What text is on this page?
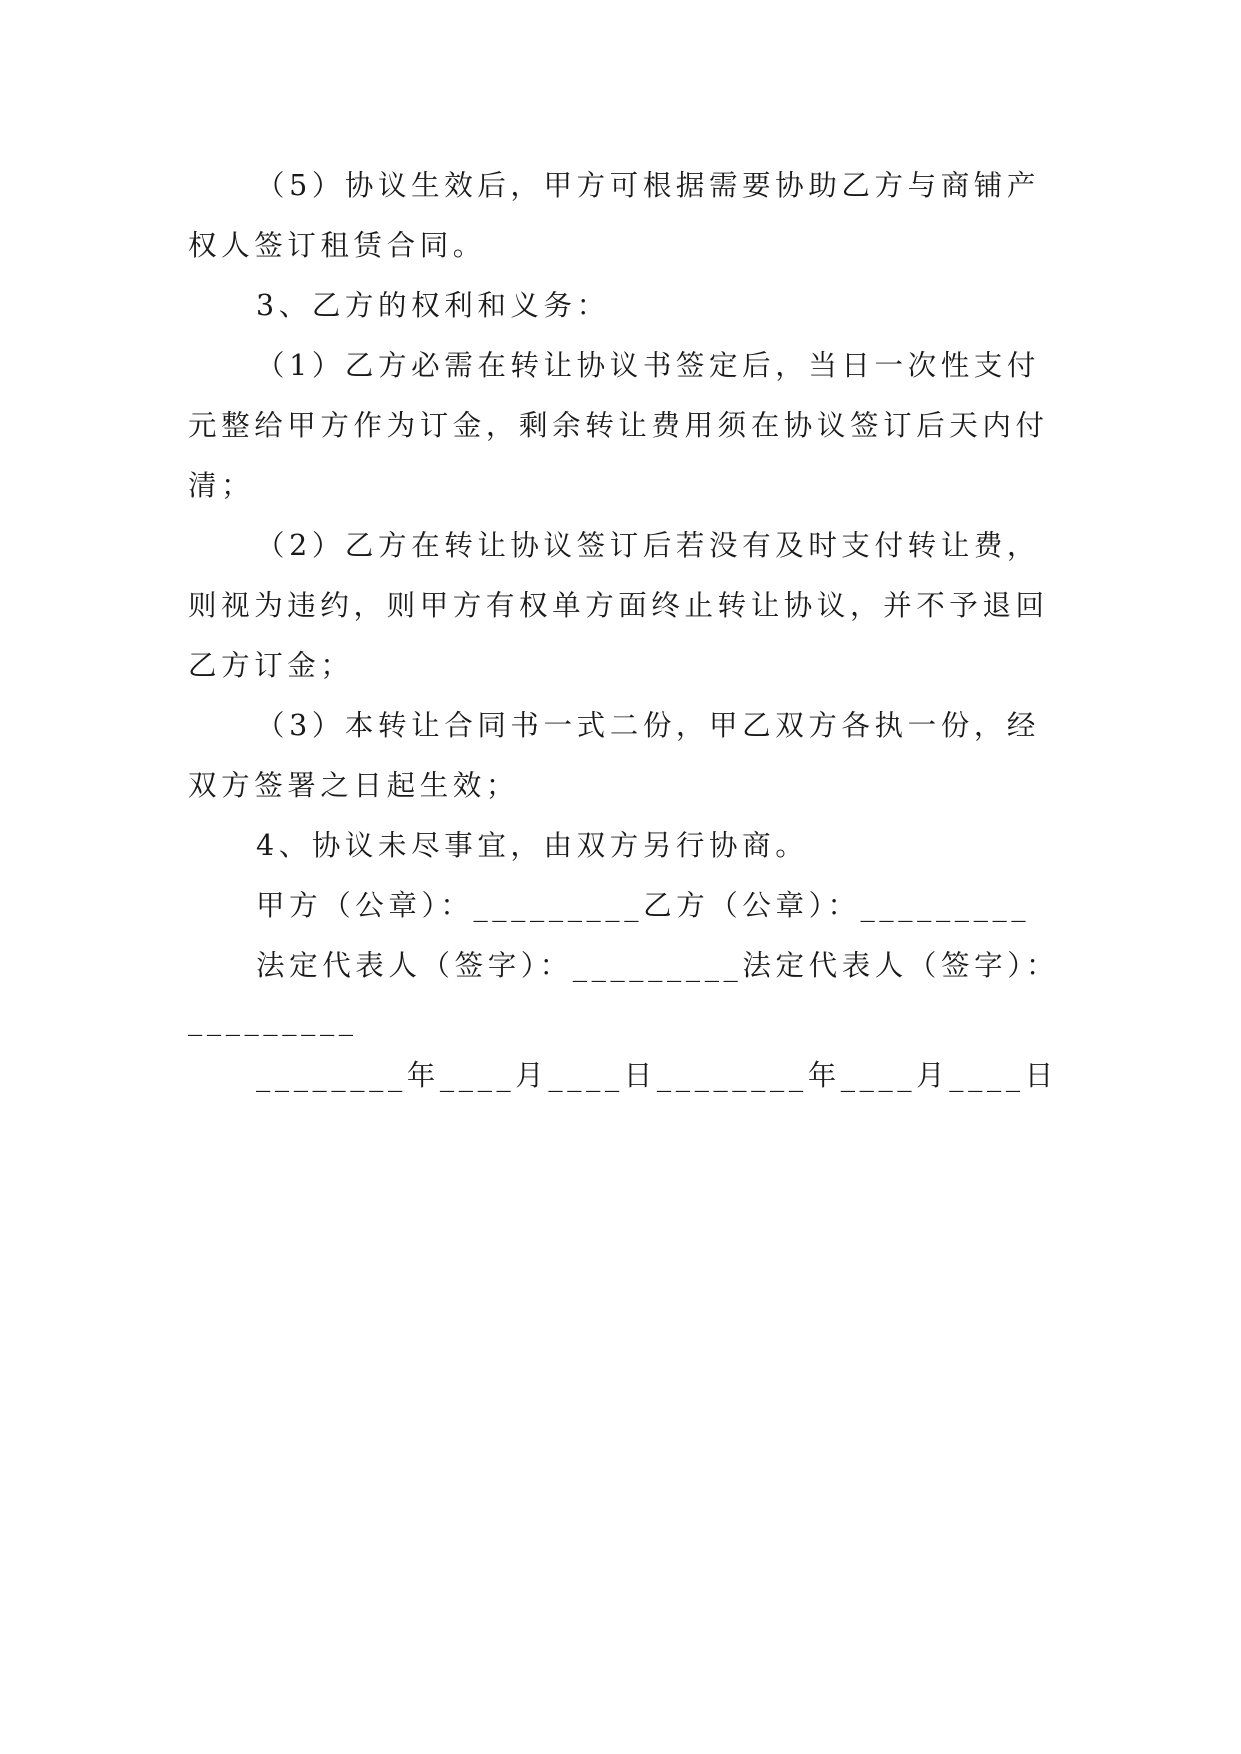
（5）协议生效后，甲方可根据需要协助乙方与商铺产
权人签订租赁合同。

3、乙方的权利和义务：

（1）乙方必需在转让协议书签定后，当日一次性支付
元整给甲方作为订金，剩余转让费用须在协议签订后天内付
清；

（2）乙方在转让协议签订后若没有及时支付转让费，
则视为违约，则甲方有权单方面终止转让协议，并不予退回
乙方订金；

（3）本转让合同书一式二份，甲乙双方各执一份，经
双方签署之日起生效；

4、协议未尽事宜，由双方另行协商。

甲方（公章）：_________乙方（公章）：_________

法定代表人（签字）：_________法定代表人（签字）：
_________

________年____月____日________年____月____日
